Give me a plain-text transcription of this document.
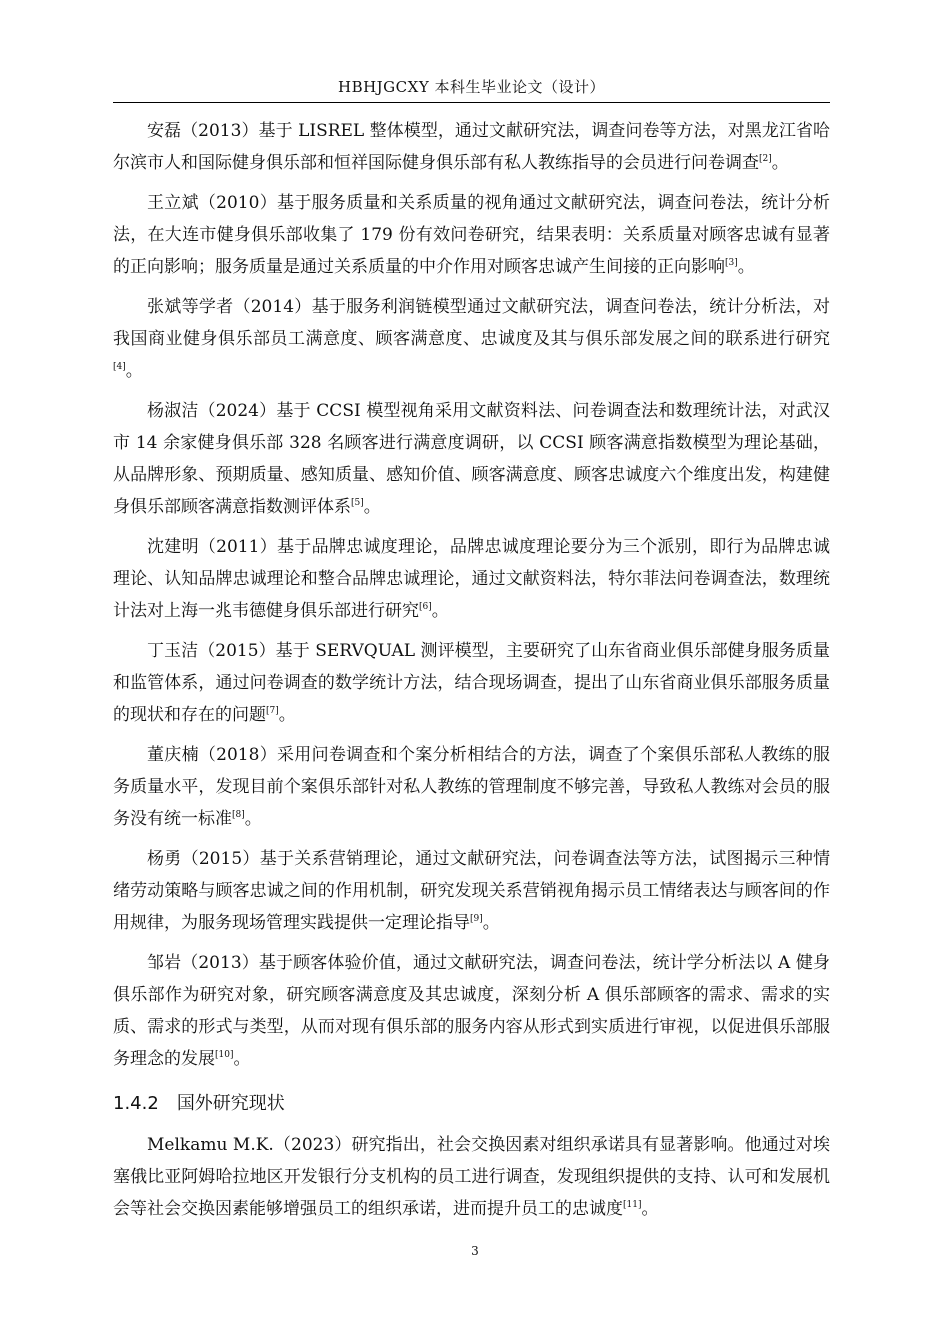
HBHJGCXY 本科生毕业论文（设计）

安磊（2013）基于 LISREL 整体模型，通过文献研究法，调查问卷等方法，对黑龙江省哈尔滨市人和国际健身俱乐部和恒祥国际健身俱乐部有私人教练指导的会员进行问卷调查[2]。

王立斌（2010）基于服务质量和关系质量的视角通过文献研究法，调查问卷法，统计分析法，在大连市健身俱乐部收集了 179 份有效问卷研究，结果表明：关系质量对顾客忠诚有显著的正向影响；服务质量是通过关系质量的中介作用对顾客忠诚产生间接的正向影响[3]。

张斌等学者（2014）基于服务利润链模型通过文献研究法，调查问卷法，统计分析法，对我国商业健身俱乐部员工满意度、顾客满意度、忠诚度及其与俱乐部发展之间的联系进行研究[4]。

杨淑洁（2024）基于 CCSI 模型视角采用文献资料法、问卷调查法和数理统计法，对武汉市 14 余家健身俱乐部 328 名顾客进行满意度调研，以 CCSI 顾客满意指数模型为理论基础，从品牌形象、预期质量、感知质量、感知价值、顾客满意度、顾客忠诚度六个维度出发，构建健身俱乐部顾客满意指数测评体系[5]。

沈建明（2011）基于品牌忠诚度理论，品牌忠诚度理论要分为三个派别，即行为品牌忠诚理论、认知品牌忠诚理论和整合品牌忠诚理论，通过文献资料法，特尔菲法问卷调查法，数理统计法对上海一兆韦德健身俱乐部进行研究[6]。

丁玉洁（2015）基于 SERVQUAL 测评模型，主要研究了山东省商业俱乐部健身服务质量和监管体系，通过问卷调查的数学统计方法，结合现场调查，提出了山东省商业俱乐部服务质量的现状和存在的问题[7]。

董庆楠（2018）采用问卷调查和个案分析相结合的方法，调查了个案俱乐部私人教练的服务质量水平，发现目前个案俱乐部针对私人教练的管理制度不够完善，导致私人教练对会员的服务没有统一标准[8]。

杨勇（2015）基于关系营销理论，通过文献研究法，问卷调查法等方法，试图揭示三种情绪劳动策略与顾客忠诚之间的作用机制，研究发现关系营销视角揭示员工情绪表达与顾客间的作用规律，为服务现场管理实践提供一定理论指导[9]。

邹岩（2013）基于顾客体验价值，通过文献研究法，调查问卷法，统计学分析法以 A 健身俱乐部作为研究对象，研究顾客满意度及其忠诚度，深刻分析 A 俱乐部顾客的需求、需求的实质、需求的形式与类型，从而对现有俱乐部的服务内容从形式到实质进行审视，以促进俱乐部服务理念的发展[10]。

1.4.2 国外研究现状

Melkamu M.K.（2023）研究指出，社会交换因素对组织承诺具有显著影响。他通过对埃塞俄比亚阿姆哈拉地区开发银行分支机构的员工进行调查，发现组织提供的支持、认可和发展机会等社会交换因素能够增强员工的组织承诺，进而提升员工的忠诚度[11]。

3
